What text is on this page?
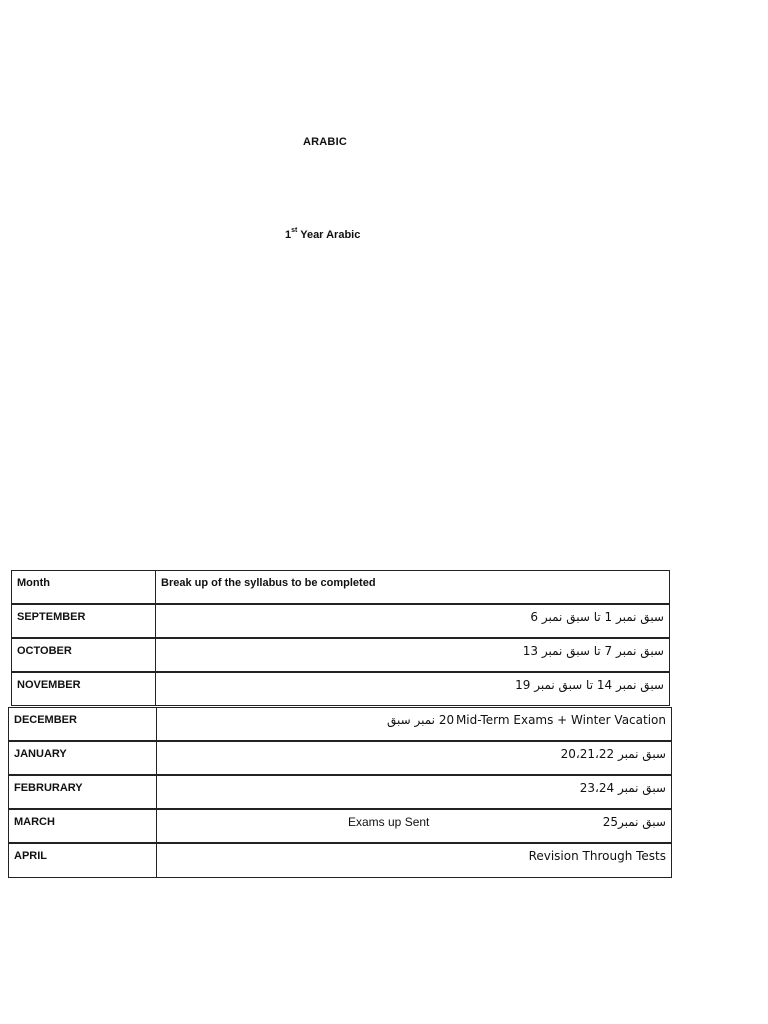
ARABIC
1st Year Arabic
Month	Break up of the syllabus to be completed
SEPTEMBER	سبق نمبر 1 تا سبق نمبر 6
OCTOBER	سبق نمبر 7 تا سبق نمبر 13
NOVEMBER	سبق نمبر 14 تا سبق نمبر 19
DECEMBER	20 نمبر سبق Mid-Term Exams + Winter Vacation
JANUARY	سبق نمبر 20،21،22
FEBRURARY	سبق نمبر 23،24
MARCH	Exams up Sent	سبق نمبر25
APRIL	Revision Through Tests
